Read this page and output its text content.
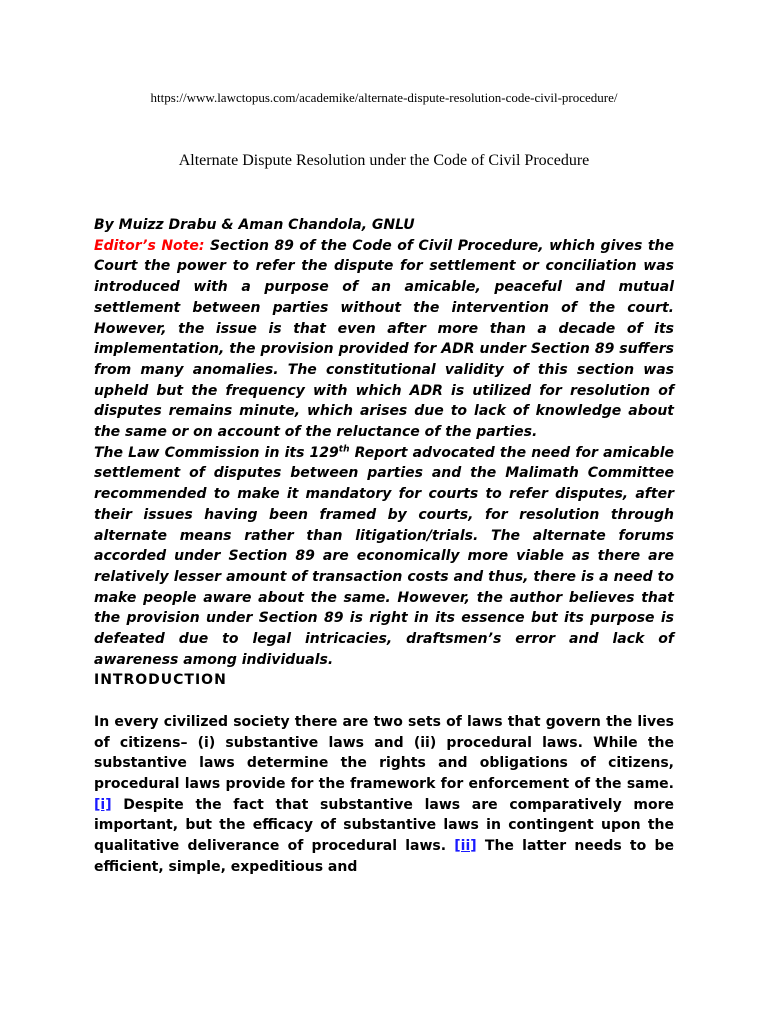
https://www.lawctopus.com/academike/alternate-dispute-resolution-code-civil-procedure/
Alternate Dispute Resolution under the Code of Civil Procedure

By Muizz Drabu & Aman Chandola, GNLU

Editor’s Note: Section 89 of the Code of Civil Procedure, which gives the Court the power to refer the dispute for settlement or conciliation was introduced with a purpose of an amicable, peaceful and mutual settlement between parties without the intervention of the court. However, the issue is that even after more than a decade of its implementation, the provision provided for ADR under Section 89 suffers from many anomalies. The constitutional validity of this section was upheld but the frequency with which ADR is utilized for resolution of disputes remains minute, which arises due to lack of knowledge about the same or on account of the reluctance of the parties.

The Law Commission in its 129th Report advocated the need for amicable settlement of disputes between parties and the Malimath Committee recommended to make it mandatory for courts to refer disputes, after their issues having been framed by courts, for resolution through alternate means rather than litigation/trials. The alternate forums accorded under Section 89 are economically more viable as there are relatively lesser amount of transaction costs and thus, there is a need to make people aware about the same. However, the author believes that the provision under Section 89 is right in its essence but its purpose is defeated due to legal intricacies, draftsmen’s error and lack of awareness among individuals.

INTRODUCTION

In every civilized society there are two sets of laws that govern the lives of citizens– (i) substantive laws and (ii) procedural laws. While the substantive laws determine the rights and obligations of citizens, procedural laws provide for the framework for enforcement of the same.[i] Despite the fact that substantive laws are comparatively more important, but the efficacy of substantive laws in contingent upon the qualitative deliverance of procedural laws. [ii] The latter needs to be efficient, simple, expeditious and
